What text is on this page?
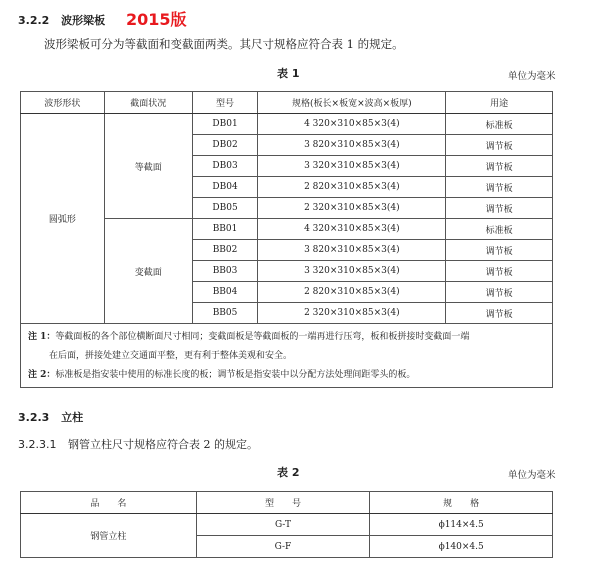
3.2.2 波形梁板 2015版
波形梁板可分为等截面和变截面两类。其尺寸规格应符合表 1 的规定。
表 1	单位为毫米
波形形状	截面状况	型号	规格(板长×板宽×波高×板厚)	用途
圆弧形	等截面	DB01	4 320×310×85×3(4)	标准板
		DB02	3 820×310×85×3(4)	调节板
		DB03	3 320×310×85×3(4)	调节板
		DB04	2 820×310×85×3(4)	调节板
		DB05	2 320×310×85×3(4)	调节板
	变截面	BB01	4 320×310×85×3(4)	标准板
		BB02	3 820×310×85×3(4)	调节板
		BB03	3 320×310×85×3(4)	调节板
		BB04	2 820×310×85×3(4)	调节板
		BB05	2 320×310×85×3(4)	调节板

注 1：等截面板的各个部位横断面尺寸相同；变截面板是等截面板的一端再进行压弯，板和板拼接时变截面一端
在后面，拼接处建立交通面平整，更有利于整体美观和安全。
注 2：标准板是指安装中使用的标准长度的板；调节板是指安装中以分配方法处理间距零头的板。				
3.2.3 立柱
3.2.3.1 钢管立柱尺寸规格应符合表 2 的规定。
表 2	单位为毫米
品　　名	型　　号	规　　格
钢管立柱	G-T	ϕ114×4.5
	G-F	ϕ140×4.5
